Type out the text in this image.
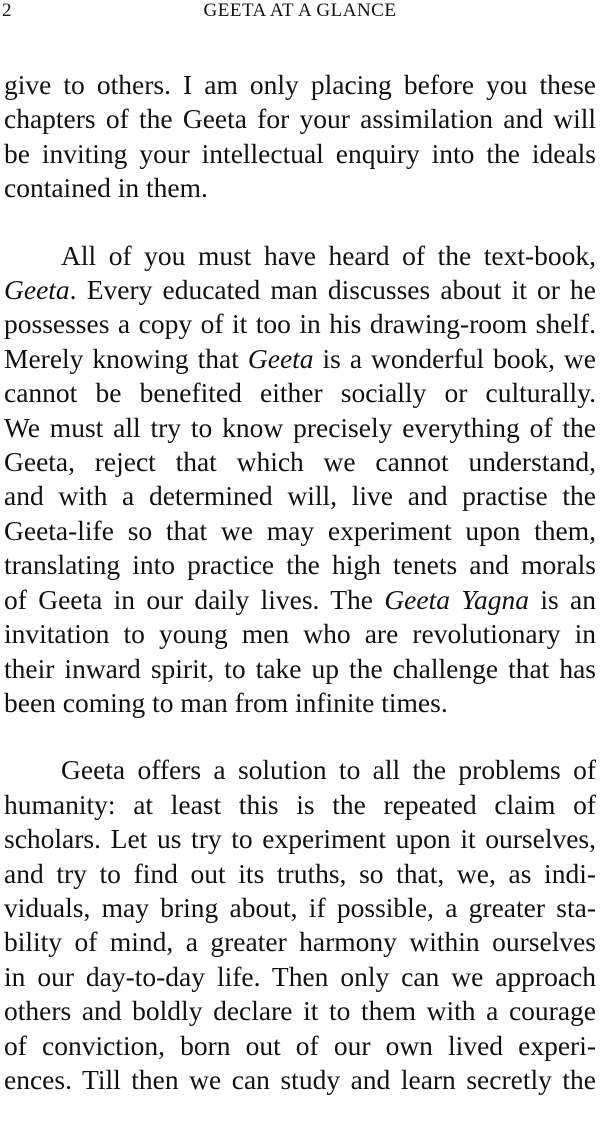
2	GEETA AT A GLANCE
give to others. I am only placing before you these
chapters of the Geeta for your assimilation and will
be inviting your intellectual enquiry into the ideals
contained in them.
All of you must have heard of the text-book,
Geeta. Every educated man discusses about it or he
possesses a copy of it too in his drawing-room shelf.
Merely knowing that Geeta is a wonderful book, we
cannot be benefited either socially or culturally.
We must all try to know precisely everything of the
Geeta, reject that which we cannot understand,
and with a determined will, live and practise the
Geeta-life so that we may experiment upon them,
translating into practice the high tenets and morals
of Geeta in our daily lives. The Geeta Yagna is an
invitation to young men who are revolutionary in
their inward spirit, to take up the challenge that has
been coming to man from infinite times.
Geeta offers a solution to all the problems of
humanity: at least this is the repeated claim of
scholars. Let us try to experiment upon it ourselves,
and try to find out its truths, so that, we, as indi-
viduals, may bring about, if possible, a greater sta-
bility of mind, a greater harmony within ourselves
in our day-to-day life. Then only can we approach
others and boldly declare it to them with a courage
of conviction, born out of our own lived experi-
ences. Till then we can study and learn secretly the
